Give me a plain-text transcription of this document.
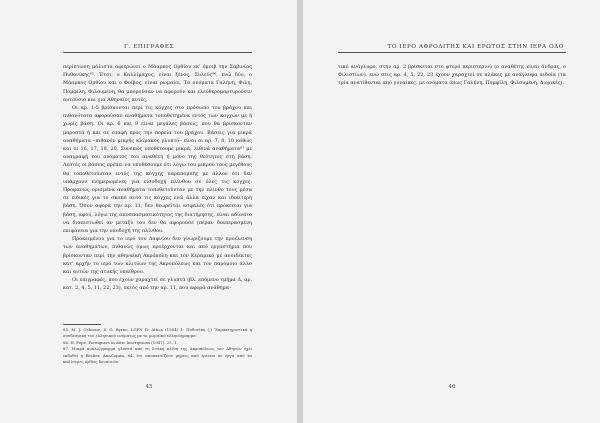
Γ. ΕΠΙΓΡΑΦΕΣ

περίπτωση μάλιστα αφιερώνει ο Μάαρκος Ορθίου εκ' όμοιβ την Σαβινίας Πυθονίκης⁸⁵. Έτσι, ο Καλλίμαχος, είναι ξένος, Συλεύς⁸⁶, ενώ δύο, ο Μάαρκος Ορθίου και ο Φοίβος, είναι ρωμαίοι. Τα ονόματα Γαλήνη, Φιλη, Πομφίλη, Φιλουμένη, θα μπορούσαν να αφορούν και ελεύθερομαρτυρούσιν αυτούσιο και για Αθηναίες αυτές.

Οι αρ. 1-5 βρίσκονται περί τις κόγχες στο πρόσωπο του βράχου και πιθανότατα αφορούσαν αναθήματα τοποθετημένα εντός των κογχών με ή χωρίς βάση. Οι αρ. 6 και 9 είναι μεγάλες βάσεις, που θα βρίσκονταν μπροστά ή και σε επαφή προς την πορεία του βράχου. Βάσεις για μικρά αναθήματα –πιθανόν μικρής κλίμακος γλυπτό– είναι οι αρ. 7, 8, 10 καθώς και οι 16, 17, 18, 20. Συνεπώς υποθέτουμε μικρά, λιθινά αναθήματα⁸⁷ με αναγραφή του ονόματος του αναθέτη ή μόνο της θεότητος στη βάση. Λεπτές οι βάσεις πρέπει να υποθέσουμε ότι λόγω του μικρού τους μεγέθους θα τοποθετούνταν εντός της κόγχης παραπομπής με άλλον ότι δεν υπάρχουν ενημερωμένες για είσοδοχή πλίνθου σε όλες τις κόγχες. Προφανώς ορισμένα αναθήματα τοποθετούνταν με την πλίνθο τους μέσα σε ειδικές για το σκοπό αυτό τις κόγχες ενώ άλλα είχαν και ιδιαίτερη βάση. Όσον αφορά την αρ. 11, δεν θεωρείται ασφαλές ότι πρόκειται για βάση, αφού, λόγω της αποσπασματικότητος της διατήρησης, είναι αδύνατο να διαπιστωθεί αν μεταξύ του δεν θα αφορούσε (πέραν διαπερασμένη επιφάνεια για την υποδοχή της πλίνθου.

Προκειμένου για το ιερό του Δαφνίου δεν γνωρίζουμε την προέλευση των αναθημάτων, πιθανώς όμως προέρχονται και από εργαστήρια που βρίσκονταν περί την αθηναϊκή Ακρόπολη και τον Κεραμικό με ανοιδέκτες κατ' αρχήν το ιερό των κλιτύων της Ακροπόλεως και τον παρόμοιο άλλο και αυτών της ατυκής υπαίθρου.

Οι επιγραφές, που έχουν χαραχτεί σε γλυπτά (βλ. επόμενο τμήμα Δ, αρ. κατ. 2, 4, 5, 11, 22, 23), εκτός από την αρ. 11, που αφορά ανάθημα–

85. M. J. Osborne, S. G. Byrne, LGPN II: Attica (1994) 1: Πυθονίκη (;) 'Χαρακτηριστικά η συνδεσμική του ελληνικού ονόματος με το ρωμαϊκό ελληνόγραμμα'.

86. H. Pope, Foreigners in Attic Inscriptions (1947), 25, 1.

87. Μικρά κυκλιόγραμμα γλυπτά από τη λιτική κλίση της Ακροπόλεως τον Αθηνών έχει εκδοθεί η Becker, AnnCapita, 64, ότι αποσκευίζουν μήρεις από έρευνα σε έργα από τα καλύτερες όρθιες δυνασιών.

45
ΤΟ ΙΕΡΟ ΑΦΡΟΔΙΤΗΣ ΚΑΙ ΕΡΩΤΟΣ ΣΤΗΝ ΙΕΡΑ ΟΔΟ

τικό ανάγλυφο, στην αρ. 2 βρίσκεται στο φτερό περιστεριού (ο αναθέτης είναι άνδρας, ο Φιλιστίων), ενώ στις αρ. 4, 5, 22, 23 έχουν χαραχτεί σε πλάκες με ανάγλυφα αιδοία (τα τρία ανατίθενται από γυναίκες, με ονόματα όπως Γαλήνη, Πομφίλη, Φιλουμένη, Δωρικές).

46
